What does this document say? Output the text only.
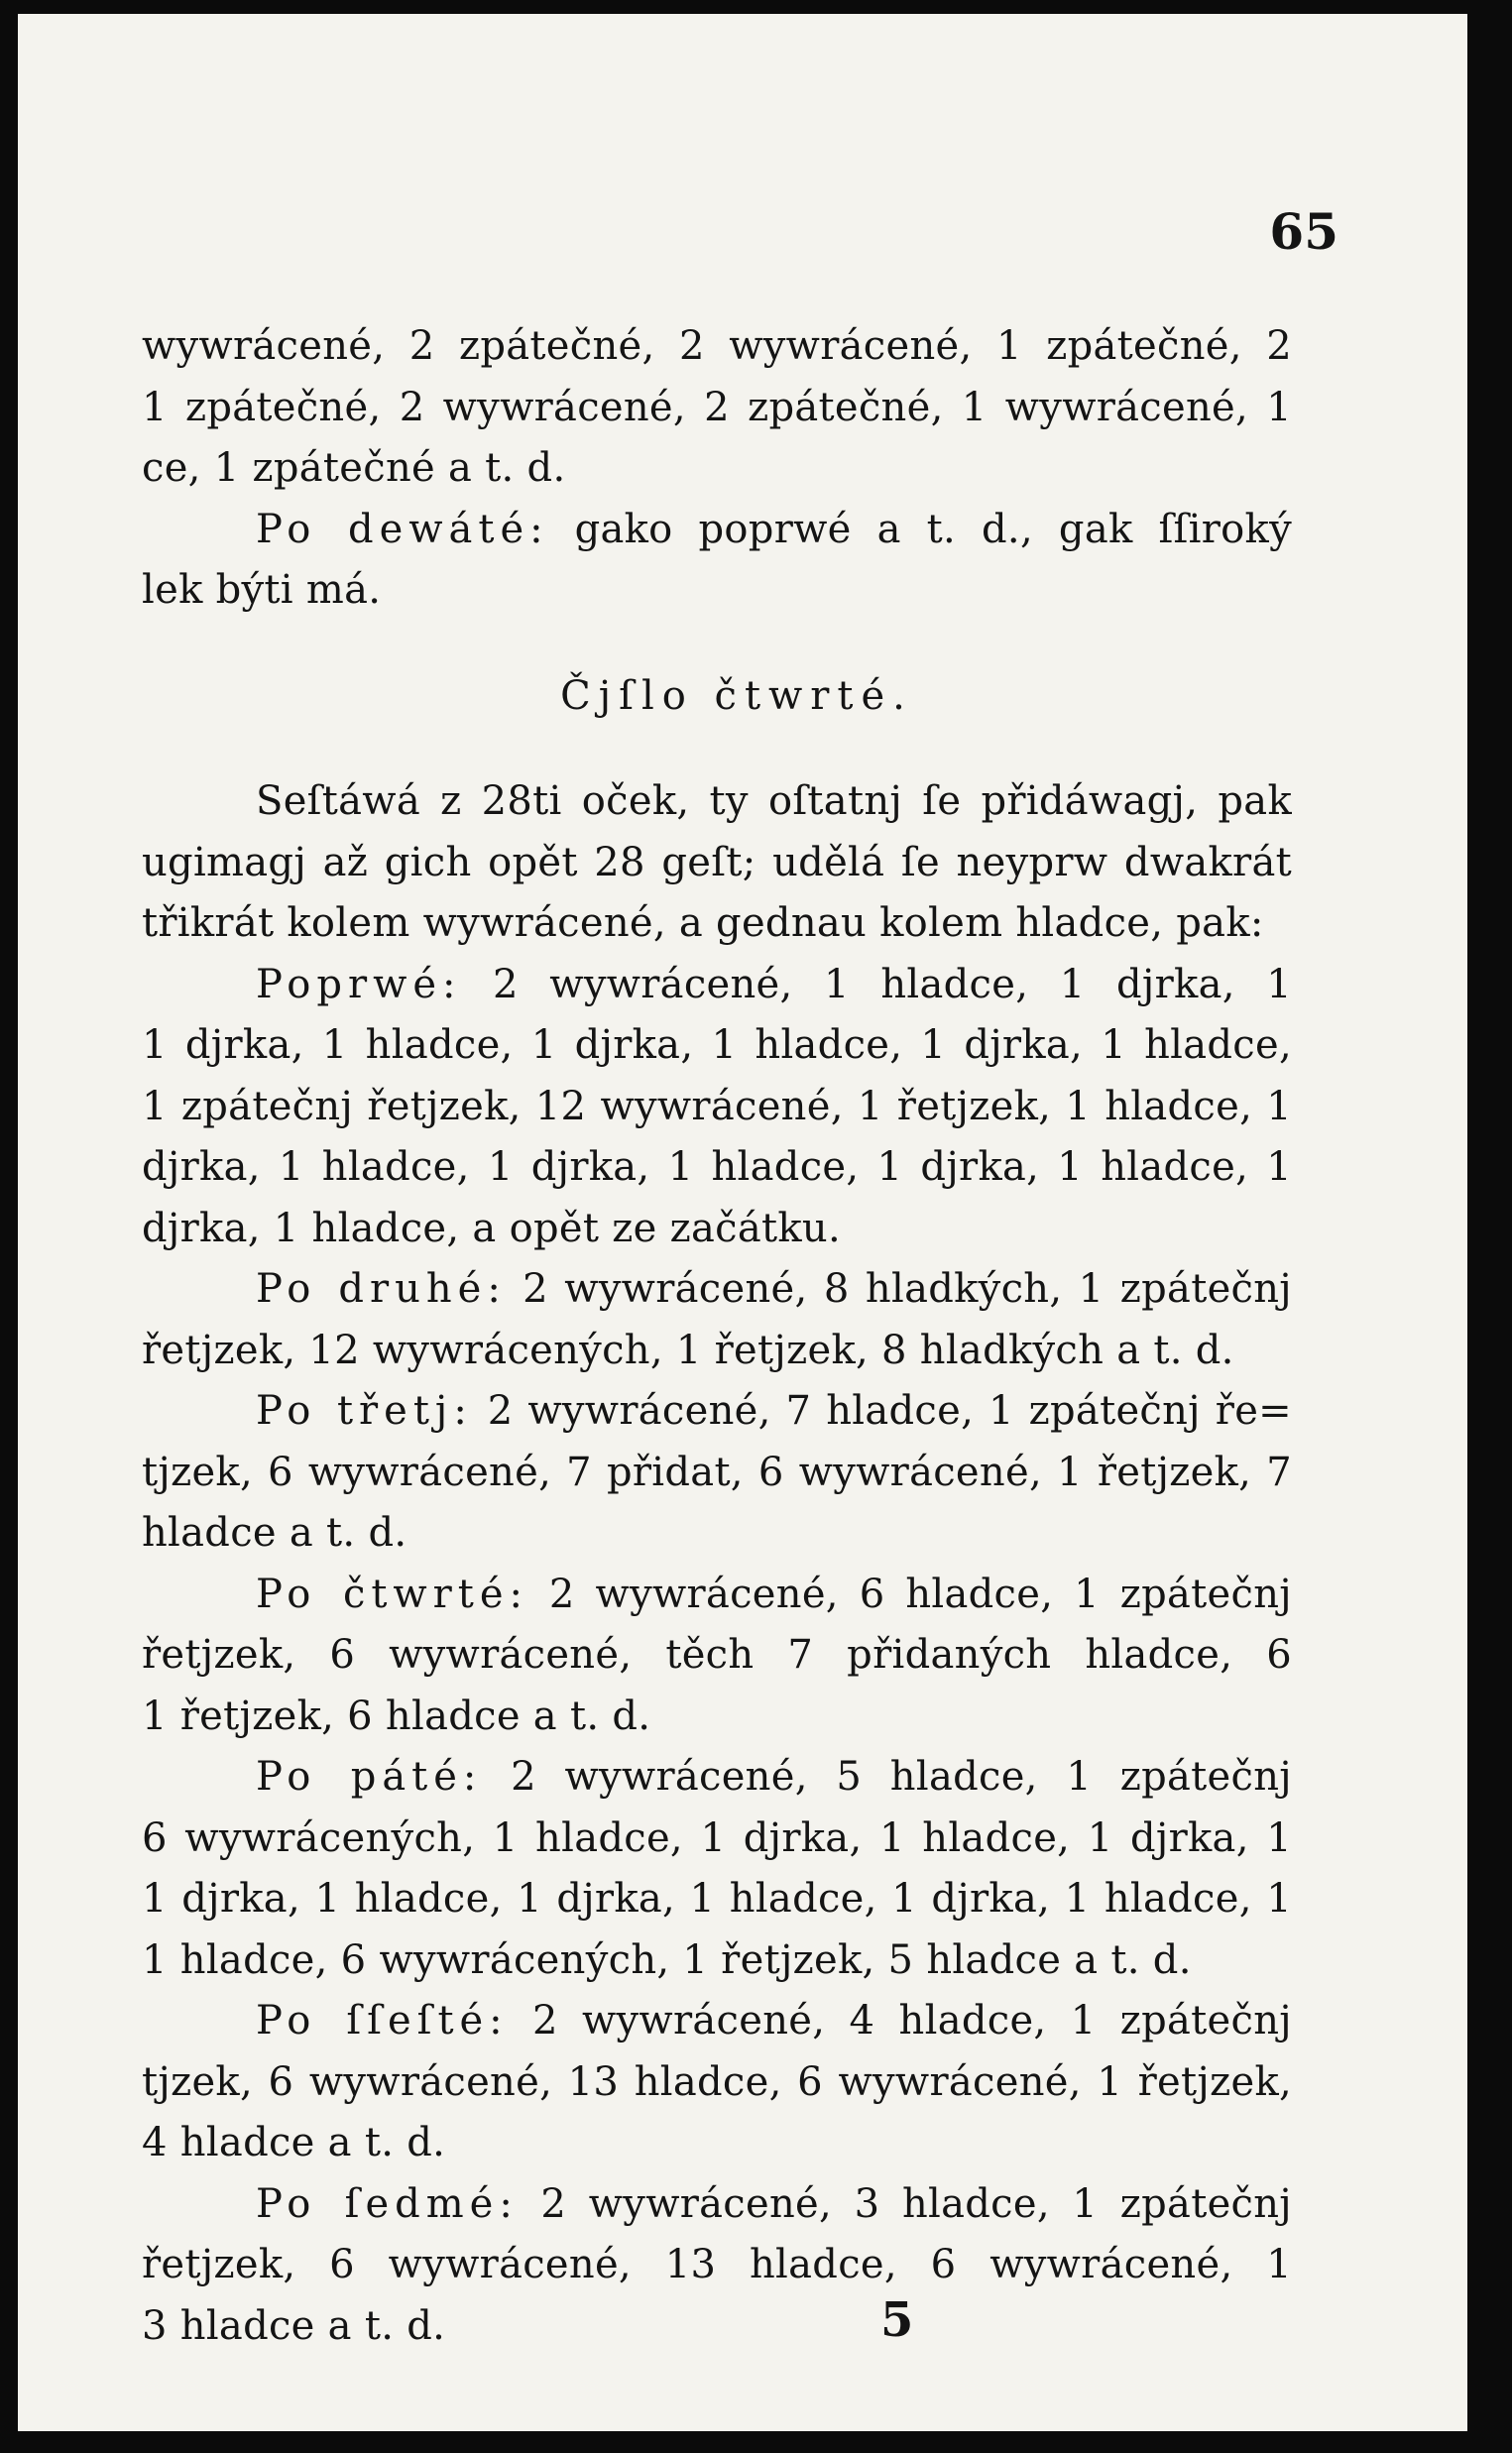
65
wywrácené, 2 zpátečné, 2 wywrácené, 1 zpátečné, 2
1 zpátečné, 2 wywrácené, 2 zpátečné, 1 wywrácené, 1
ce, 1 zpátečné a t. d.
Po dewáté: gako poprwé a t. d., gak ſſiroký
lek býti má.
Čjſlo čtwrté.
Seſtáwá z 28ti oček, ty oſtatnj ſe přidáwagj, pak
ugimagj až gich opět 28 geſt; udělá ſe neyprw dwakrát
třikrát kolem wywrácené, a gednau kolem hladce, pak:
Poprwé: 2 wywrácené, 1 hladce, 1 djrka, 1
1 djrka, 1 hladce, 1 djrka, 1 hladce, 1 djrka, 1 hladce,
1 zpátečnj řetjzek, 12 wywrácené, 1 řetjzek, 1 hladce, 1
djrka, 1 hladce, 1 djrka, 1 hladce, 1 djrka, 1 hladce, 1
djrka, 1 hladce, a opět ze začátku.
Po druhé: 2 wywrácené, 8 hladkých, 1 zpátečnj
řetjzek, 12 wywrácených, 1 řetjzek, 8 hladkých a t. d.
Po třetj: 2 wywrácené, 7 hladce, 1 zpátečnj ře=
tjzek, 6 wywrácené, 7 přidat, 6 wywrácené, 1 řetjzek, 7
hladce a t. d.
Po čtwrté: 2 wywrácené, 6 hladce, 1 zpátečnj
řetjzek, 6 wywrácené, těch 7 přidaných hladce, 6
1 řetjzek, 6 hladce a t. d.
Po páté: 2 wywrácené, 5 hladce, 1 zpátečnj
6 wywrácených, 1 hladce, 1 djrka, 1 hladce, 1 djrka, 1
1 djrka, 1 hladce, 1 djrka, 1 hladce, 1 djrka, 1 hladce, 1
1 hladce, 6 wywrácených, 1 řetjzek, 5 hladce a t. d.
Po ſſeſté: 2 wywrácené, 4 hladce, 1 zpátečnj
tjzek, 6 wywrácené, 13 hladce, 6 wywrácené, 1 řetjzek,
4 hladce a t. d.
Po ſedmé: 2 wywrácené, 3 hladce, 1 zpátečnj
řetjzek, 6 wywrácené, 13 hladce, 6 wywrácené, 1
3 hladce a t. d.	5
